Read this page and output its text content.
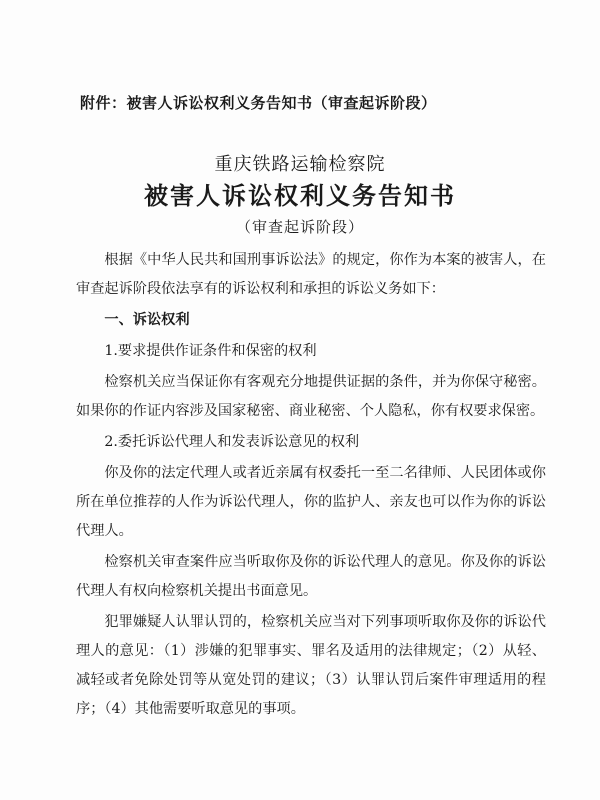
附件：被害人诉讼权利义务告知书（审查起诉阶段）
重庆铁路运输检察院
被害人诉讼权利义务告知书
（审查起诉阶段）

根据《中华人民共和国刑事诉讼法》的规定，你作为本案的被害人，在审查起诉阶段依法享有的诉讼权利和承担的诉讼义务如下：

一、诉讼权利

1.要求提供作证条件和保密的权利

检察机关应当保证你有客观充分地提供证据的条件，并为你保守秘密。如果你的作证内容涉及国家秘密、商业秘密、个人隐私，你有权要求保密。

2.委托诉讼代理人和发表诉讼意见的权利

你及你的法定代理人或者近亲属有权委托一至二名律师、人民团体或你所在单位推荐的人作为诉讼代理人，你的监护人、亲友也可以作为你的诉讼代理人。

检察机关审查案件应当听取你及你的诉讼代理人的意见。你及你的诉讼代理人有权向检察机关提出书面意见。

犯罪嫌疑人认罪认罚的，检察机关应当对下列事项听取你及你的诉讼代理人的意见：（1）涉嫌的犯罪事实、罪名及适用的法律规定；（2）从轻、减轻或者免除处罚等从宽处罚的建议；（3）认罪认罚后案件审理适用的程序；（4）其他需要听取意见的事项。
